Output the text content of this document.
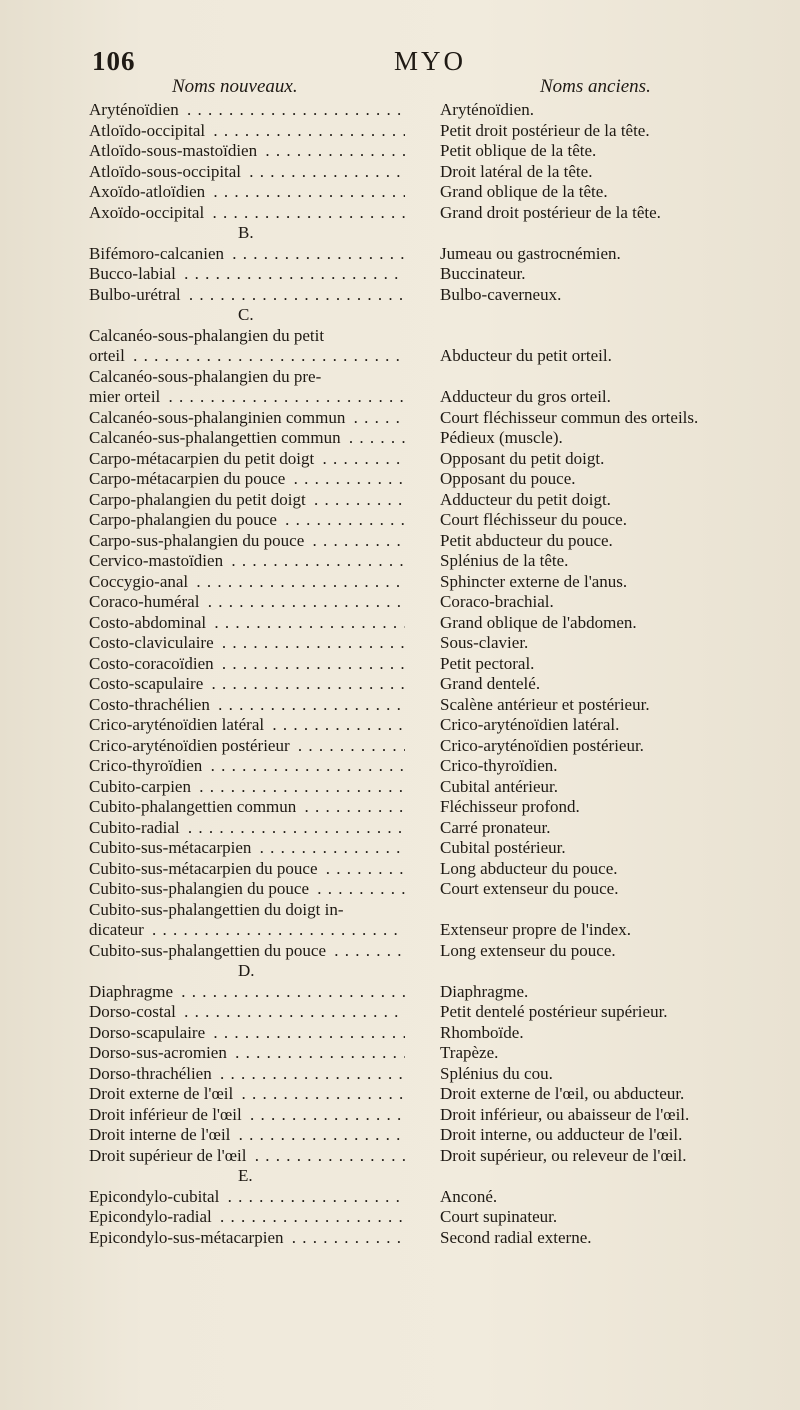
106	MYO
Noms nouveaux.	Noms anciens.
Aryténoïdien . . .	Aryténoïdien.
Atloïdo-occipital . . .	Petit droit postérieur de la tête.
Atloïdo-sous-mastoïdien . . .	Petit oblique de la tête.
Atloïdo-sous-occipital . . .	Droit latéral de la tête.
Axoïdo-atloïdien . . .	Grand oblique de la tête.
Axoïdo-occipital . . .	Grand droit postérieur de la tête.
B.
Bifémoro-calcanien . . .	Jumeau ou gastrocnémien.
Bucco-labial . . .	Buccinateur.
Bulbo-urétral . . .	Bulbo-caverneux.
C.
Calcanéo-sous-phalangien du petit
orteil . . .	Abducteur du petit orteil.
Calcanéo-sous-phalangien du pre-
mier orteil . . .	Adducteur du gros orteil.
Calcanéo-sous-phalanginien commun . . .	Court fléchisseur commun des orteils.
Calcanéo-sus-phalangettien commun . . .	Pédieux (muscle).
Carpo-métacarpien du petit doigt . . .	Opposant du petit doigt.
Carpo-métacarpien du pouce . . .	Opposant du pouce.
Carpo-phalangien du petit doigt . . .	Adducteur du petit doigt.
Carpo-phalangien du pouce . . .	Court fléchisseur du pouce.
Carpo-sus-phalangien du pouce . . .	Petit abducteur du pouce.
Cervico-mastoïdien . . .	Splénius de la tête.
Coccygio-anal . . .	Sphincter externe de l'anus.
Coraco-huméral . . .	Coraco-brachial.
Costo-abdominal . . .	Grand oblique de l'abdomen.
Costo-claviculaire . . .	Sous-clavier.
Costo-coracoïdien . . .	Petit pectoral.
Costo-scapulaire . . .	Grand dentelé.
Costo-thrachélien . . .	Scalène antérieur et postérieur.
Crico-aryténoïdien latéral . . .	Crico-aryténoïdien latéral.
Crico-aryténoïdien postérieur . . .	Crico-aryténoïdien postérieur.
Crico-thyroïdien . . .	Crico-thyroïdien.
Cubito-carpien . . .	Cubital antérieur.
Cubito-phalangettien commun . . .	Fléchisseur profond.
Cubito-radial . . .	Carré pronateur.
Cubito-sus-métacarpien . . .	Cubital postérieur.
Cubito-sus-métacarpien du pouce . . .	Long abducteur du pouce.
Cubito-sus-phalangien du pouce . . .	Court extenseur du pouce.
Cubito-sus-phalangettien du doigt in-
dicateur . . .	Extenseur propre de l'index.
Cubito-sus-phalangettien du pouce . . .	Long extenseur du pouce.
D.
Diaphragme . . .	Diaphragme.
Dorso-costal . . .	Petit dentelé postérieur supérieur.
Dorso-scapulaire . . .	Rhomboïde.
Dorso-sus-acromien . . .	Trapèze.
Dorso-thrachélien . . .	Splénius du cou.
Droit externe de l'œil . . .	Droit externe de l'œil, ou abducteur.
Droit inférieur de l'œil . . .	Droit inférieur, ou abaisseur de l'œil.
Droit interne de l'œil . . .	Droit interne, ou adducteur de l'œil.
Droit supérieur de l'œil . . .	Droit supérieur, ou releveur de l'œil.
E.
Epicondylo-cubital . . .	Anconé.
Epicondylo-radial . . .	Court supinateur.
Epicondylo-sus-métacarpien . . .	Second radial externe.
